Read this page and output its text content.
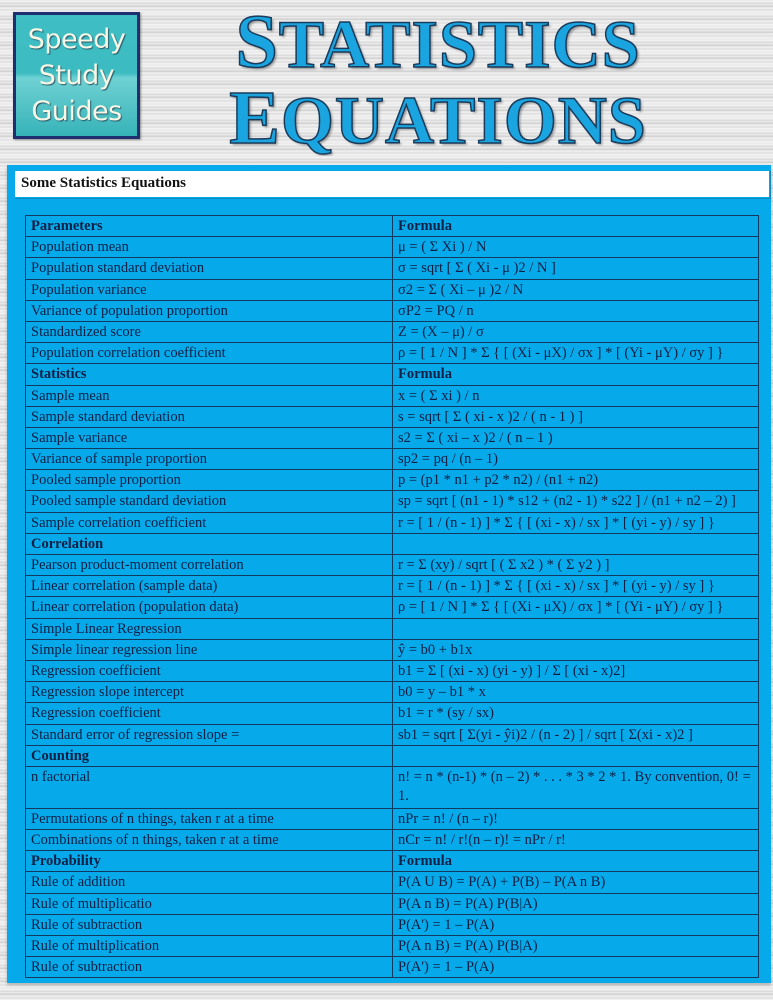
Speedy
Study
Guides
STATISTICS
EQUATIONS
Some Statistics Equations
Parameters	Formula
Population mean	μ = ( Σ Xi ) / N
Population standard deviation	σ = sqrt [ Σ ( Xi - μ )2 / N ]
Population variance	σ2 = Σ ( Xi – μ )2 / N
Variance of population proportion	σP2 = PQ / n
Standardized score	Z = (X – μ) / σ
Population correlation coefficient	ρ = [ 1 / N ] * Σ { [ (Xi - μX) / σx ] * [ (Yi - μY) / σy ] }
Statistics	Formula
Sample mean	x = ( Σ xi ) / n
Sample standard deviation	s = sqrt [ Σ ( xi - x )2 / ( n - 1 ) ]
Sample variance	s2 = Σ ( xi – x )2 / ( n – 1 )
Variance of sample proportion	sp2 = pq / (n – 1)
Pooled sample proportion	p = (p1 * n1 + p2 * n2) / (n1 + n2)
Pooled sample standard deviation	sp = sqrt [ (n1 - 1) * s12 + (n2 - 1) * s22 ] / (n1 + n2 – 2) ]
Sample correlation coefficient	r = [ 1 / (n - 1) ] * Σ { [ (xi - x) / sx ] * [ (yi - y) / sy ] }
Correlation	
Pearson product-moment correlation	r = Σ (xy) / sqrt [ ( Σ x2 ) * ( Σ y2 ) ]
Linear correlation (sample data)	r = [ 1 / (n - 1) ] * Σ { [ (xi - x) / sx ] * [ (yi - y) / sy ] }
Linear correlation (population data)	ρ = [ 1 / N ] * Σ { [ (Xi - μX) / σx ] * [ (Yi - μY) / σy ] }
Simple Linear Regression	
Simple linear regression line	ŷ = b0 + b1x
Regression coefficient	b1 = Σ [ (xi - x) (yi - y) ] / Σ [ (xi - x)2]
Regression slope intercept	b0 = y – b1 * x
Regression coefficient	b1 = r * (sy / sx)
Standard error of regression slope =	sb1 = sqrt [ Σ(yi - ŷi)2 / (n - 2) ] / sqrt [ Σ(xi - x)2 ]
Counting	
n factorial	n! = n * (n-1) * (n – 2) * . . . * 3 * 2 * 1. By convention, 0! = 1.
Permutations of n things, taken r at a time	nPr = n! / (n – r)!
Combinations of n things, taken r at a time	nCr = n! / r!(n – r)! = nPr / r!
Probability	Formula
Rule of addition	P(A U B) = P(A) + P(B) – P(A n B)
Rule of multiplicatio	P(A n B) = P(A) P(B|A)
Rule of subtraction	P(A') = 1 – P(A)
Rule of multiplication	P(A n B) = P(A) P(B|A)
Rule of subtraction	P(A') = 1 – P(A)
